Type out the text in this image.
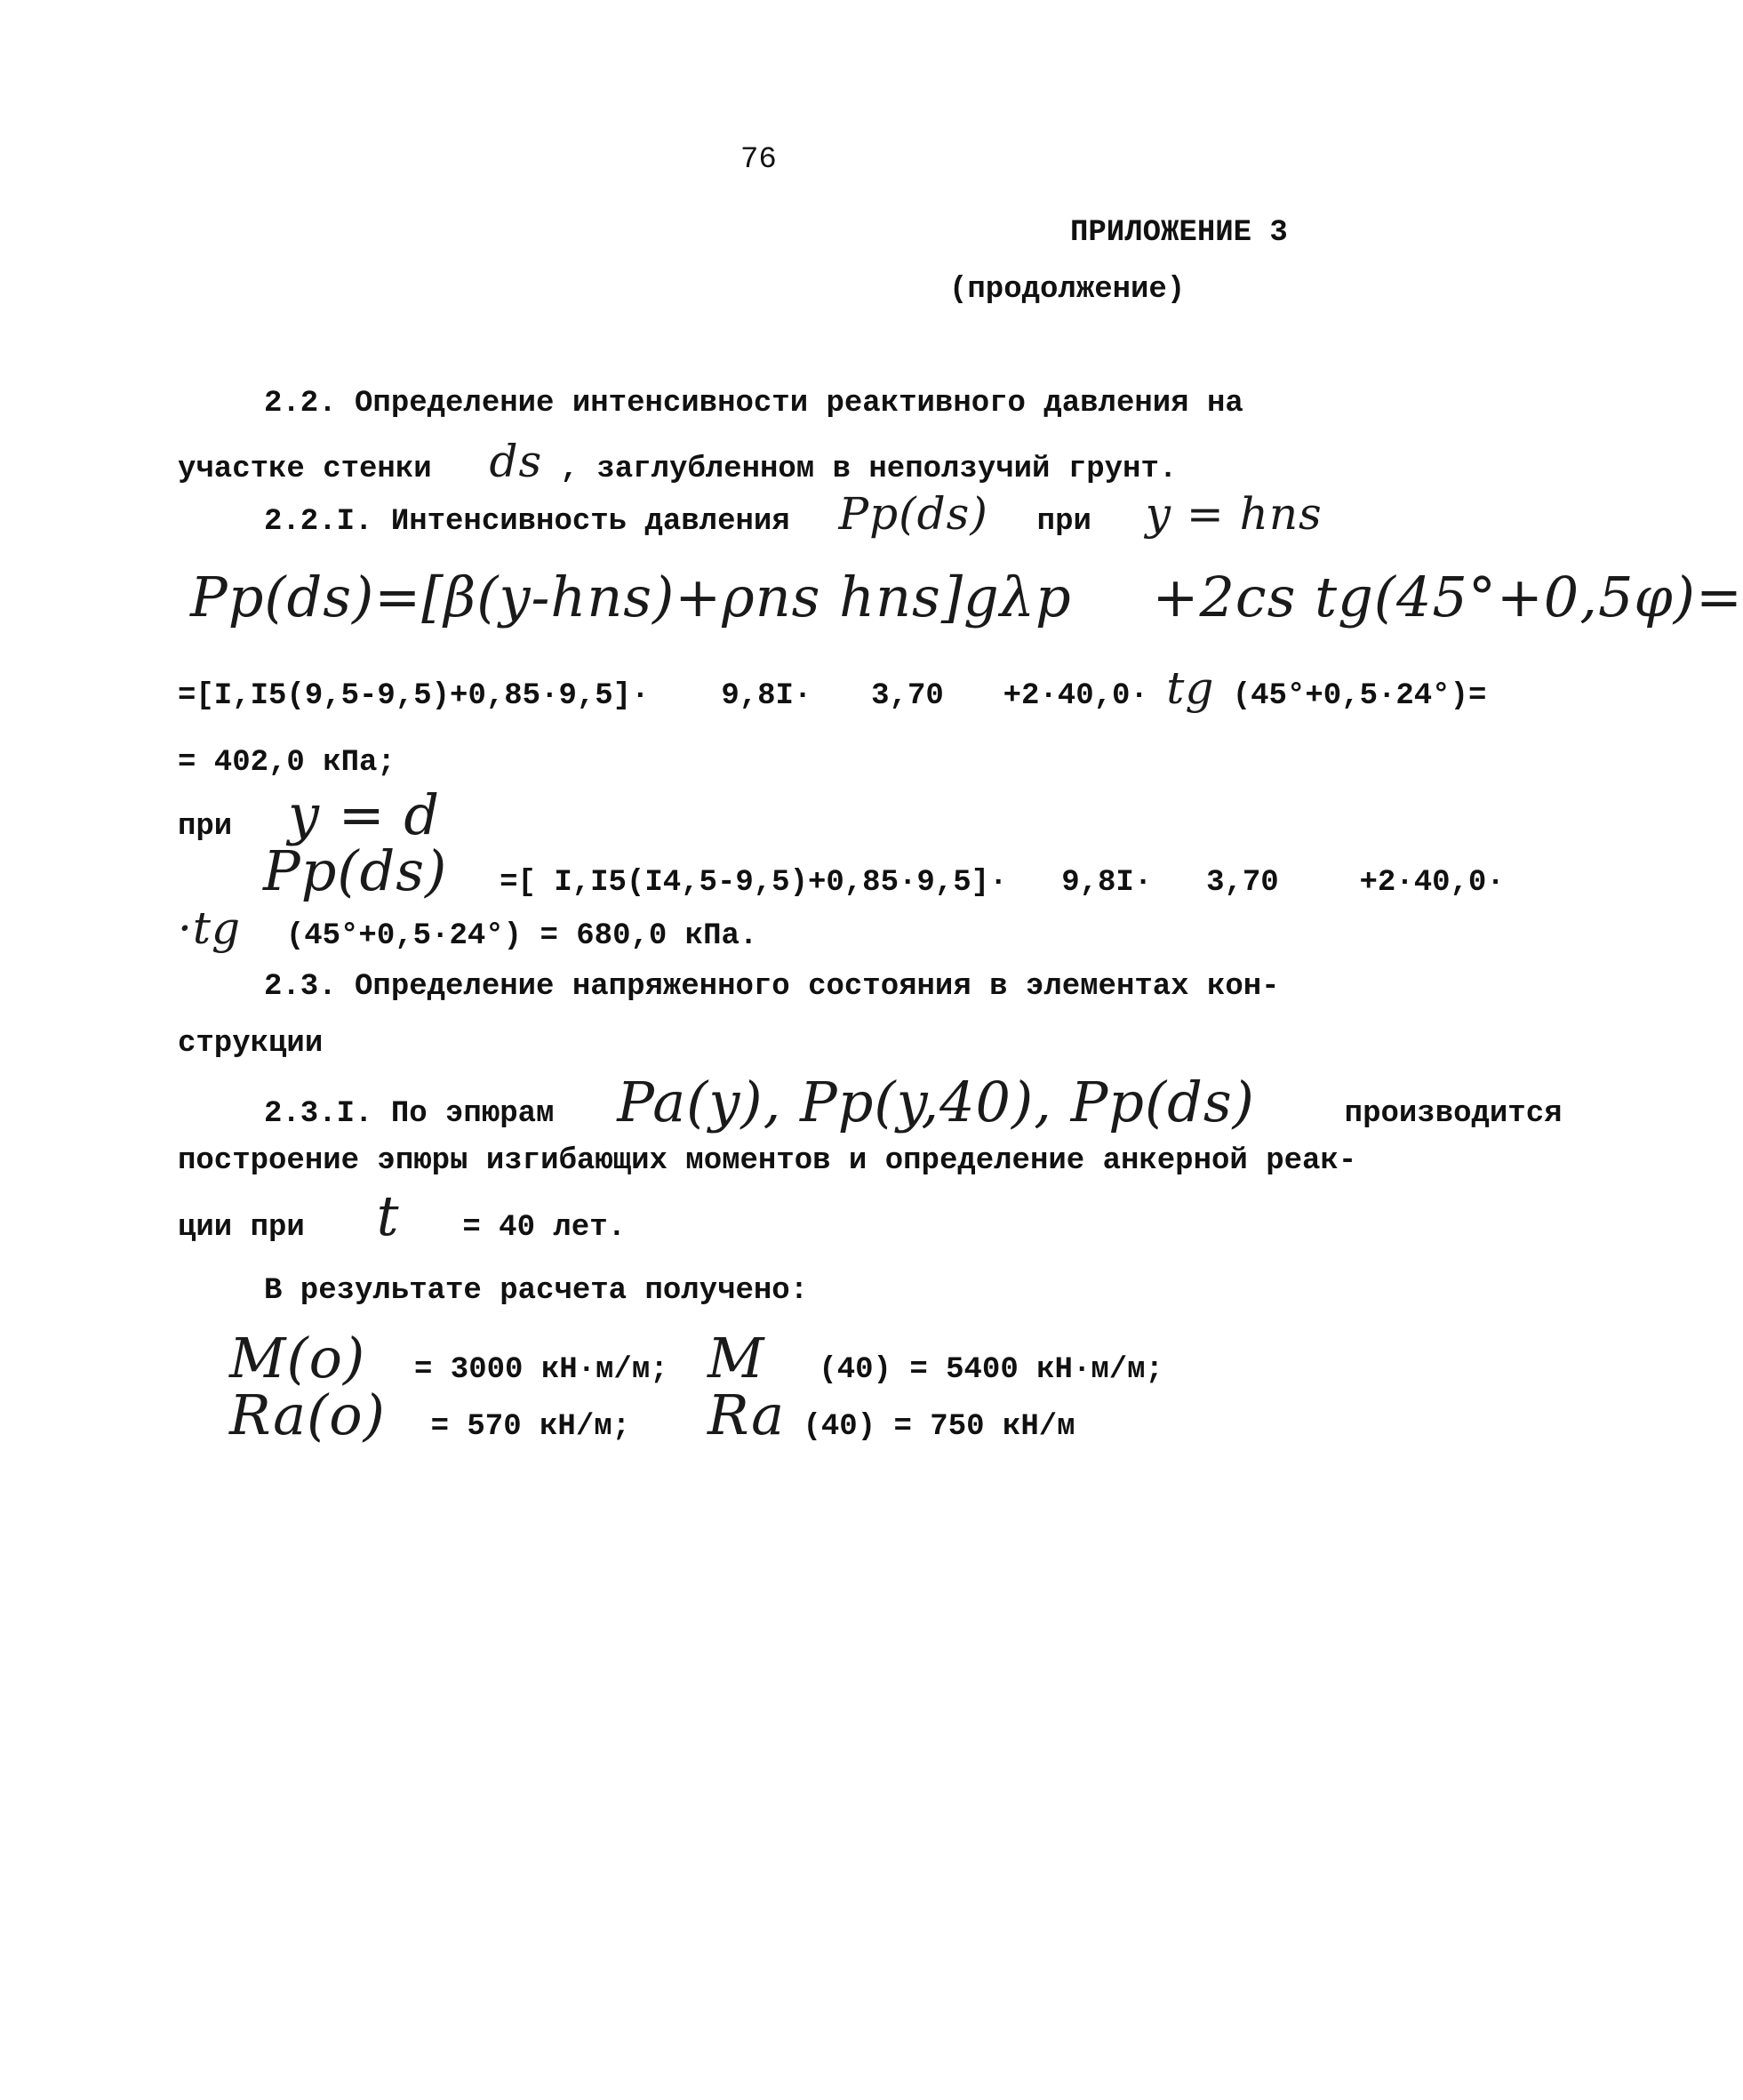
76
ПРИЛОЖЕНИЕ 3
(продолжение)
2.2. Определение интенсивности реактивного давления на
участке стенки ds , заглубленном в неползучий грунт.
2.2.I. Интенсивность давления Pp(ds) при y = hns
Pp(ds)=[β(y-hns)+ρns hns]gλp +2cs tg(45°+0,5φ)=
=[I,I5(9,5-9,5)+0,85·9,5]· 9,8I· 3,70 +2·40,0· tg (45°+0,5·24°)=
= 402,0 кПа;
при y = d
Pp(ds) =[ I,I5(I4,5-9,5)+0,85·9,5]· 9,8I· 3,70	+2·40,0·
·tg (45°+0,5·24°) = 680,0 кПа.
2.3. Определение напряженного состояния в элементах кон-
струкции
2.3.I. По эпюрам Pa(y), Pp(y,40), Pp(ds)	производится
построение эпюры изгибающих моментов и определение анкерной реак-
ции при t = 40 лет.
В результате расчета получено:
M(o) = 3000 кН·м/м; M (40) = 5400 кН·м/м;
Ra(o) = 570 кН/м; Ra (40) = 750 кН/м
